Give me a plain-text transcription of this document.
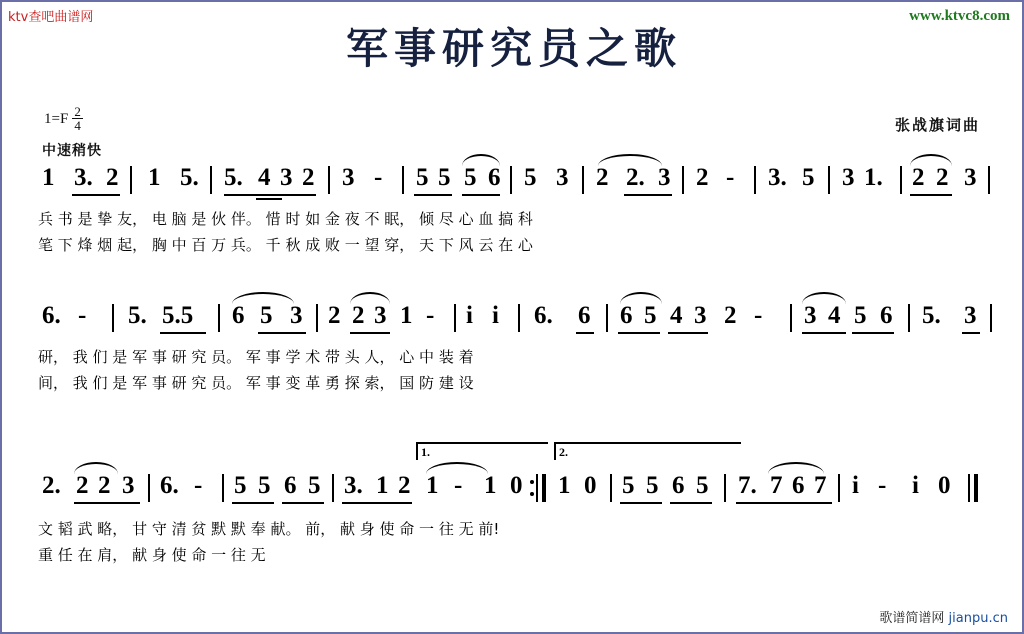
ktv查吧曲谱网	www.ktvc8.com
军事研究员之歌
$1=F \frac{2}{4}$
中速稍快
张战旗词曲
1 3. 2 1 5. 5. 4 3 2 3 - 5 5 5 6 5 3 2 2. 3 2 - 3. 5 3 1. 2 2 3
兵 书 是 挚 友， 电 脑 是 伙 伴。 惜 时 如 金 夜 不 眠， 倾 尽 心 血 搞 科
笔 下 烽 烟 起， 胸 中 百 万 兵。 千 秋 成 败 一 望 穿， 天 下 风 云 在 心
6. - 5. 5.5 6 5 3 2 2 3 1 - i i 6. 6 6 5 4 3 2 - 3 4 5 6 5. 3
研， 我 们 是 军 事 研 究 员。 军 事 学 术 带 头 人， 心 中 装 着
间， 我 们 是 军 事 研 究 员。 军 事 变 革 勇 探 索， 国 防 建 设
1.	2.
2. 2 2 3 6. - 5 5 6 5 3. 1 2 1 - 1 0 1 0 5 5 6 5 7. 7 6 7 i - i 0
文 韬 武 略， 甘 守 清 贫 默 默 奉 献。 前， 献 身 使 命 一 往 无 前!
重 任 在 肩， 献 身 使 命 一 往 无
歌谱简谱网 jianpu.cn
